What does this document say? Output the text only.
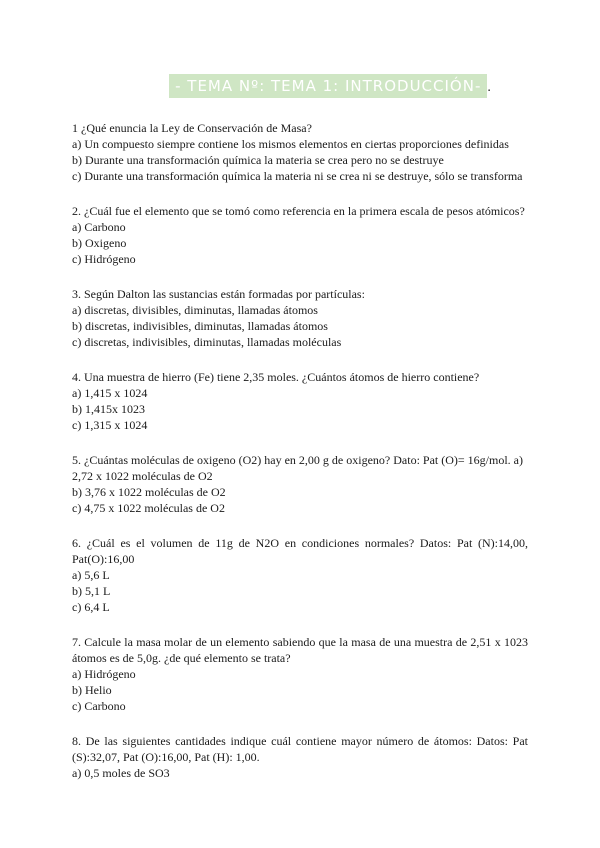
- TEMA Nº: TEMA 1: INTRODUCCIÓN- .

1 ¿Qué enuncia la Ley de Conservación de Masa?

a) Un compuesto siempre contiene los mismos elementos en ciertas proporciones definidas

b) Durante una transformación química la materia se crea pero no se destruye

c) Durante una transformación química la materia ni se crea ni se destruye, sólo se transforma

2. ¿Cuál fue el elemento que se tomó como referencia en la primera escala de pesos atómicos?

a) Carbono

b) Oxigeno

c) Hidrógeno

3. Según Dalton las sustancias están formadas por partículas:

a) discretas, divisibles, diminutas, llamadas átomos

b) discretas, indivisibles, diminutas, llamadas átomos

c) discretas, indivisibles, diminutas, llamadas moléculas

4. Una muestra de hierro (Fe) tiene 2,35 moles. ¿Cuántos átomos de hierro contiene?

a) 1,415 x 1024

b) 1,415x 1023

c) 1,315 x 1024

5. ¿Cuántas moléculas de oxigeno (O2) hay en 2,00 g de oxigeno? Dato: Pat (O)= 16g/mol. a) 2,72 x 1022 moléculas de O2

b) 3,76 x 1022 moléculas de O2

c) 4,75 x 1022 moléculas de O2

6. ¿Cuál es el volumen de 11g de N2O en condiciones normales? Datos: Pat (N):14,00, Pat(O):16,00

a) 5,6 L

b) 5,1 L

c) 6,4 L

7. Calcule la masa molar de un elemento sabiendo que la masa de una muestra de 2,51 x 1023 átomos es de 5,0g. ¿de qué elemento se trata?

a) Hidrógeno

b) Helio

c) Carbono

8. De las siguientes cantidades indique cuál contiene mayor número de átomos: Datos: Pat (S):32,07, Pat (O):16,00, Pat (H): 1,00.

a) 0,5 moles de SO3
